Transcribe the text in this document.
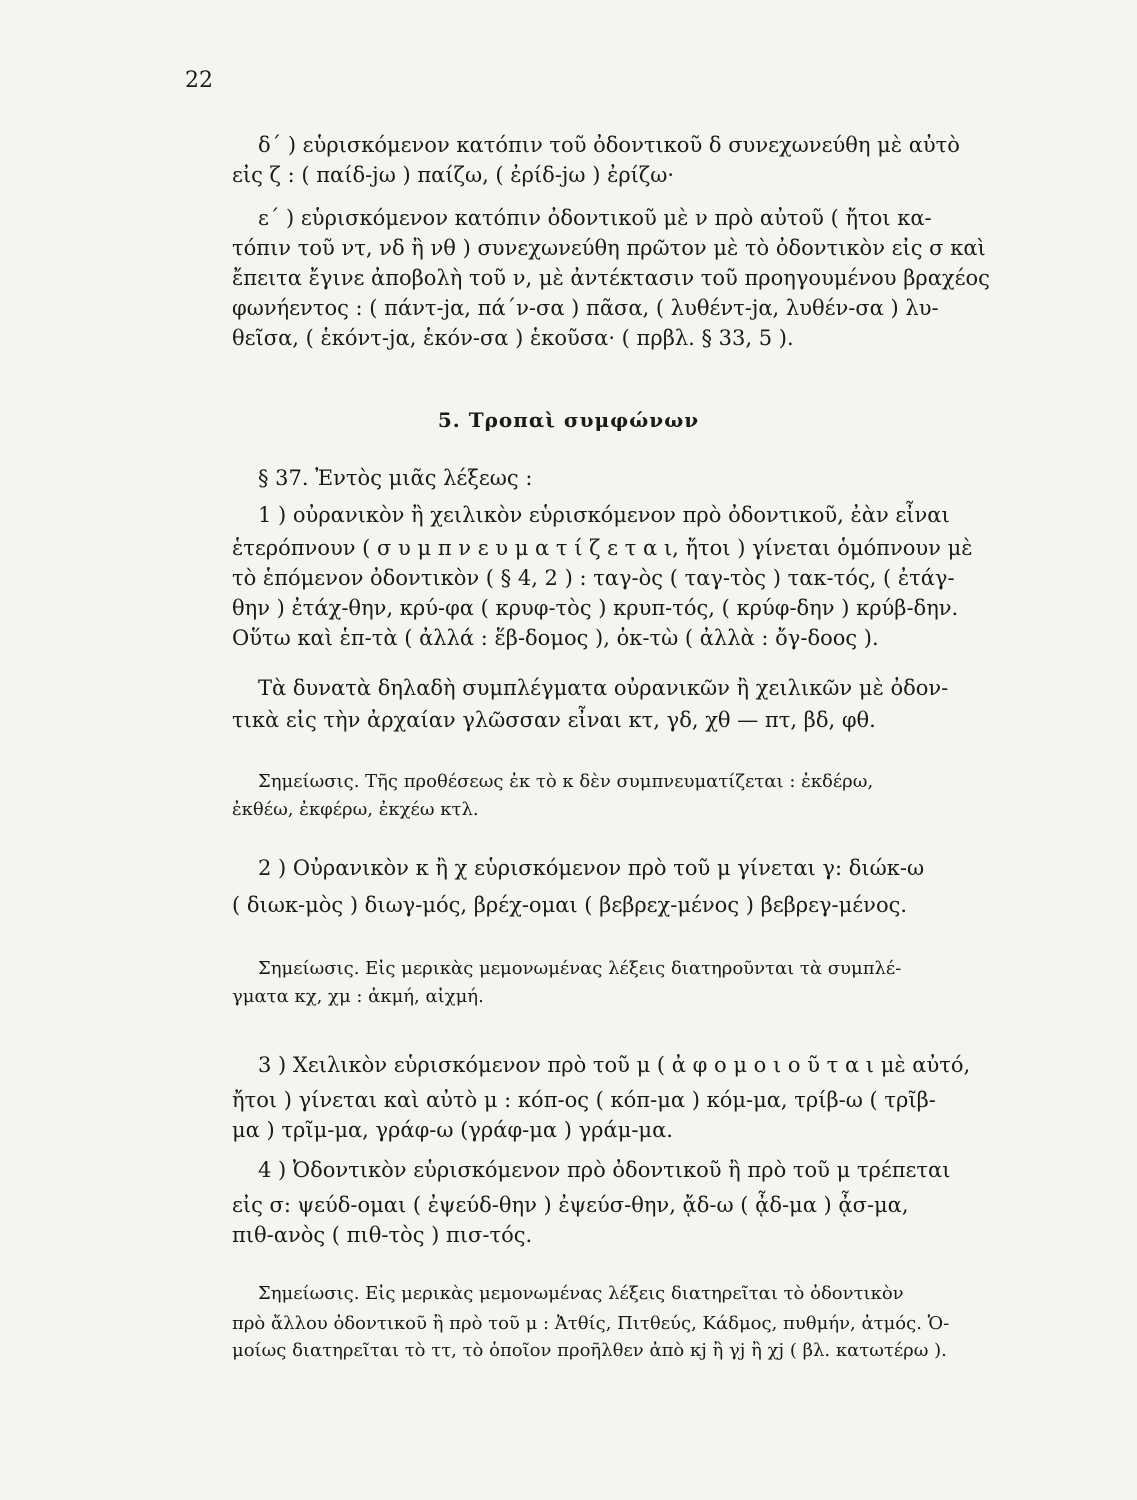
22
δ΄ ) εὑρισκόμενον κατόπιν τοῦ ὀδοντικοῦ δ συνεχωνεύθη μὲ αὐτὸ
εἰς ζ : ( παίδ-jω ) παίζω, ( ἐρίδ-jω ) ἐρίζω·
ε΄ ) εὑρισκόμενον κατόπιν ὀδοντικοῦ μὲ ν πρὸ αὐτοῦ ( ἤτοι κα-
τόπιν τοῦ ντ, νδ ἢ νθ ) συνεχωνεύθη πρῶτον μὲ τὸ ὀδοντικὸν εἰς σ καὶ
ἔπειτα ἔγινε ἀποβολὴ τοῦ ν, μὲ ἀντέκτασιν τοῦ προηγουμένου βραχέος
φωνήεντος : ( πάντ-jα, πά΄ν-σα ) πᾶσα, ( λυθέντ-jα, λυθέν-σα ) λυ-
θεῖσα, ( ἑκόντ-jα, ἑκόν-σα ) ἑκοῦσα· ( πρβλ. § 33, 5 ).
5. Τροπαὶ συμφώνων
§ 37. Ἐντὸς μιᾶς λέξεως :
1 ) οὐρανικὸν ἢ χειλικὸν εὑρισκόμενον πρὸ ὀδοντικοῦ, ἐὰν εἶναι
ἑτερόπνουν ( σ υ μ π ν ε υ μ α τ ί ζ ε τ α ι, ἤτοι ) γίνεται ὁμόπνουν μὲ
τὸ ἑπόμενον ὀδοντικὸν ( § 4, 2 ) : ταγ-ὸς ( ταγ-τὸς ) τακ-τός, ( ἐτάγ-
θην ) ἐτάχ-θην, κρύ-φα ( κρυφ-τὸς ) κρυπ-τός, ( κρύφ-δην ) κρύβ-δην.
Οὕτω καὶ ἑπ-τὰ ( ἀλλά : ἕβ-δομος ), ὀκ-τὼ ( ἀλλὰ : ὄγ-δοος ).
Τὰ δυνατὰ δηλαδὴ συμπλέγματα οὐρανικῶν ἢ χειλικῶν μὲ ὀδον-
τικὰ εἰς τὴν ἀρχαίαν γλῶσσαν εἶναι κτ, γδ, χθ — πτ, βδ, φθ.
Σημείωσις. Τῆς προθέσεως ἐκ τὸ κ δὲν συμπνευματίζεται : ἐκδέρω,
ἐκθέω, ἐκφέρω, ἐκχέω κτλ.
2 ) Οὐρανικὸν κ ἢ χ εὑρισκόμενον πρὸ τοῦ μ γίνεται γ: διώκ-ω
( διωκ-μὸς ) διωγ-μός, βρέχ-ομαι ( βεβρεχ-μένος ) βεβρεγ-μένος.
Σημείωσις. Εἰς μερικὰς μεμονωμένας λέξεις διατηροῦνται τὰ συμπλέ-
γματα κχ, χμ : ἀκμή, αἰχμή.
3 ) Χειλικὸν εὑρισκόμενον πρὸ τοῦ μ ( ἀ φ ο μ ο ι ο ῦ τ α ι μὲ αὐτό,
ἤτοι ) γίνεται καὶ αὐτὸ μ : κόπ-ος ( κόπ-μα ) κόμ-μα, τρίβ-ω ( τρῖβ-
μα ) τρῖμ-μα, γράφ-ω (γράφ-μα ) γράμ-μα.
4 ) Ὀδοντικὸν εὑρισκόμενον πρὸ ὀδοντικοῦ ἢ πρὸ τοῦ μ τρέπεται
εἰς σ: ψεύδ-ομαι ( ἐψεύδ-θην ) ἐψεύσ-θην, ᾄδ-ω ( ᾆδ-μα ) ᾆσ-μα,
πιθ-ανὸς ( πιθ-τὸς ) πισ-τός.
Σημείωσις. Εἰς μερικὰς μεμονωμένας λέξεις διατηρεῖται τὸ ὀδοντικὸν
πρὸ ἄλλου ὀδοντικοῦ ἢ πρὸ τοῦ μ : Ἀτθίς, Πιτθεύς, Κάδμος, πυθμήν, ἀτμός. Ὁ-
μοίως διατηρεῖται τὸ ττ, τὸ ὁποῖον προῆλθεν ἀπὸ κj ἢ γj ἢ χj ( βλ. κατωτέρω ).
